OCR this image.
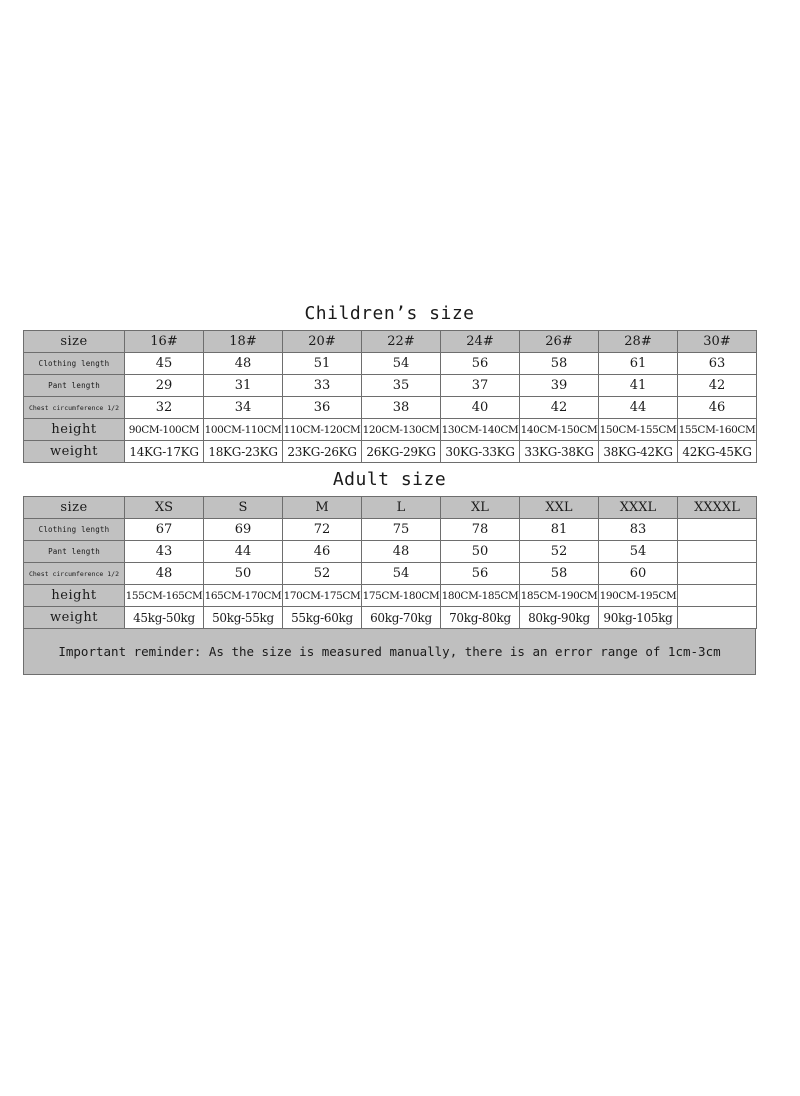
Children’s size
size	16#	18#	20#	22#	24#	26#	28#	30#
Clothing length	45	48	51	54	56	58	61	63
Pant length	29	31	33	35	37	39	41	42
Chest circumference 1/2	32	34	36	38	40	42	44	46
height	90CM-100CM	100CM-110CM	110CM-120CM	120CM-130CM	130CM-140CM	140CM-150CM	150CM-155CM	155CM-160CM
weight	14KG-17KG	18KG-23KG	23KG-26KG	26KG-29KG	30KG-33KG	33KG-38KG	38KG-42KG	42KG-45KG
Adult size
size	XS	S	M	L	XL	XXL	XXXL	XXXXL
Clothing length	67	69	72	75	78	81	83	
Pant length	43	44	46	48	50	52	54	
Chest circumference 1/2	48	50	52	54	56	58	60	
height	155CM-165CM	165CM-170CM	170CM-175CM	175CM-180CM	180CM-185CM	185CM-190CM	190CM-195CM	
weight	45kg-50kg	50kg-55kg	55kg-60kg	60kg-70kg	70kg-80kg	80kg-90kg	90kg-105kg	
Important reminder: As the size is measured manually, there is an error range of 1cm-3cm
